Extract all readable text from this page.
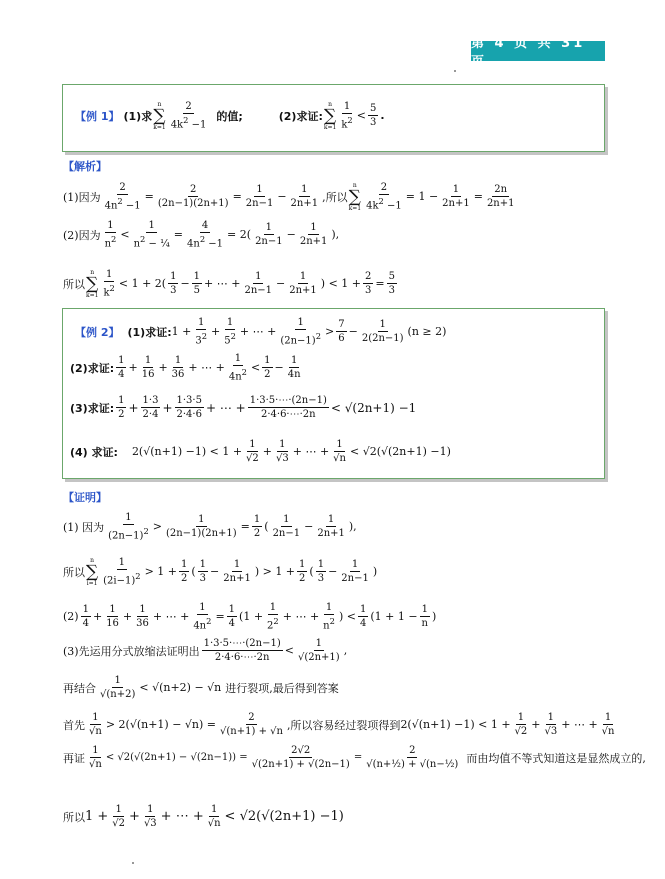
第 4 页 共 31 页
【例 1】 (1)求
n
∑
$k=1 \frac{2}{4k^2 -1}$ 的值;	(2)求证:
n
∑
$k=1 \frac{1}{k^2} < \frac{5}{3}$ .
【解析】
(1)因为 $\frac{2}{4n^2 -1} = \frac{2}{(2n-1)(2n+1)} = \frac{1}{2n-1} - \frac{1}{2n+1}$ ,所以
n
∑
$k=1 \frac{2}{4k^2 -1} = 1 - \frac{1}{2n+1} = \frac{2n}{2n+1}$
(2)因为 $\frac{1}{n^2} < \frac{1}{n^2 - \frac{1}{4}} = \frac{4}{4n^2 -1} = 2( \frac{1}{2n-1} - \frac{1}{2n+1}$ ) ,
所以
n
∑
$k=1 \frac{1}{k^2} < 1 + 2( \frac{1}{3} - \frac{1}{5}$ + ⋯ + $\frac{1}{2n-1} - \frac{1}{2n+1}$ ) < $1 + \frac{2}{3} = \frac{5}{3}$
【例 2】 (1)求证: $1 + \frac{1}{3^2} + \frac{1}{5^2}$ + ⋯ + $\frac{1}{(2n-1)^2} > \frac{7}{6} - \frac{1}{2(2n-1)} (n \ge 2)$
(2)求证: $\frac{1}{4} + \frac{1}{16} + \frac{1}{36}$ + ⋯ + $\frac{1}{4n^2} < \frac{1}{2} - \frac{1}{4n}$
(3)求证: $\frac{1}{2} + \frac{1\cdot 3}{2\cdot 4} + \frac{1\cdot 3\cdot 5}{2\cdot 4\cdot 6}$ + ⋯ + $\frac{1\cdot 3\cdot 5\cdot\cdots\cdot(2n-1)}{2\cdot 4\cdot 6\cdot\cdots\cdot 2n} < √(2n+1) -1$
(4) 求证: $2(√(n+1) -1) < 1 + \frac{1}{√2} + \frac{1}{√3}$ + ⋯ + $\frac{1}{√n} < √2(√(2n+1) -1)$
【证明】
(1) 因为 $\frac{1}{(2n-1)^2} > \frac{1}{(2n-1)(2n+1)} = \frac{1}{2}$ ( $\frac{1}{2n-1} - \frac{1}{2n+1}$ ) ,
所以
n
∑
$i=1 \frac{1}{(2i-1)^2} > 1 + \frac{1}{2}$ ( $\frac{1}{3} - \frac{1}{2n+1}$ ) > $1 + \frac{1}{2}$ ( $\frac{1}{3} - \frac{1}{2n-1}$ )
$(2) \frac{1}{4} + \frac{1}{16} + \frac{1}{36}$ + ⋯ + $\frac{1}{4n^2} = \frac{1}{4} (1 + \frac{1}{2^2}$ + ⋯ + $\frac{1}{n^2}$ ) < $\frac{1}{4} (1 + 1 - \frac{1}{n}$ )
(3)先运用分式放缩法证明出 $\frac{1\cdot 3\cdot 5\cdot\cdots\cdot(2n-1)}{2\cdot 4\cdot 6\cdot\cdots\cdot 2n} < \frac{1}{√(2n+1)}$ ,
再结合 $\frac{1}{√(n+2)} < √(n+2) - √n$ 进行裂项,最后得到答案
首先 $\frac{1}{√n} > 2(√(n+1) - √n) = \frac{2}{√(n+1) + √n}$ ,所以容易经过裂项得到 $2(√(n+1) -1) < 1 + \frac{1}{√2} + \frac{1}{√3}$ + ⋯ + $\frac{1}{√n}$
再证 $\frac{1}{√n} < √2(√(2n+1) - √(2n-1)) = \frac{2√2}{√(2n+1) + √(2n-1)} = \frac{2}{\text{√(n+½) + √(n−½)}}$ 而由均值不等式知道这是显然成立的,
所以 $1 + \frac{1}{√2} + \frac{1}{√3}$ + ⋯ + $\frac{1}{√n} < √2(√(2n+1) -1)$
